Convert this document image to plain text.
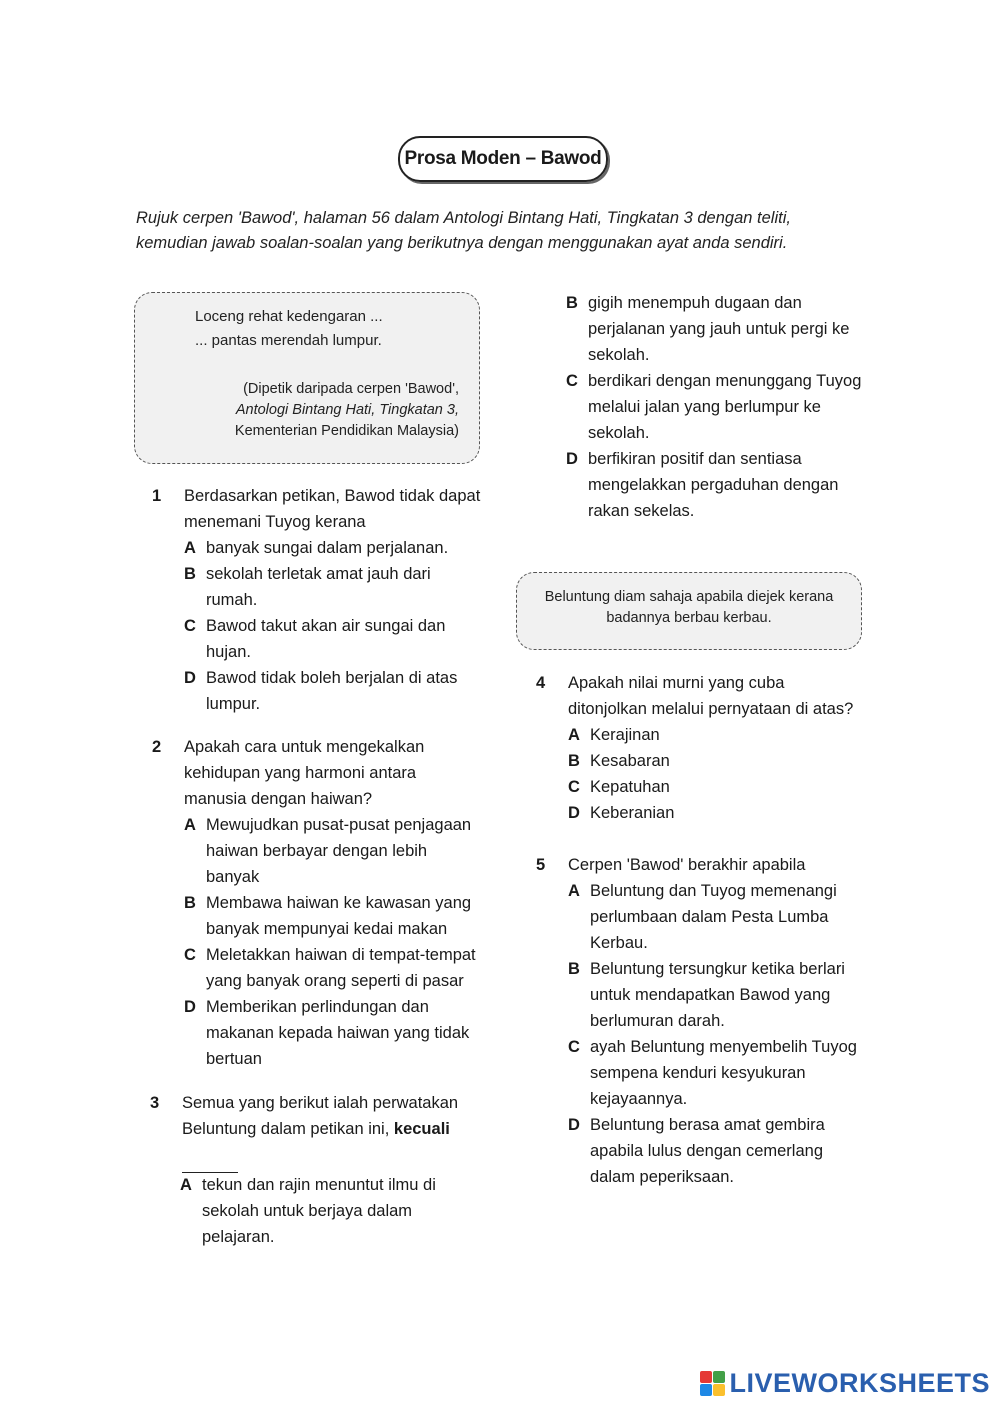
Prosa Moden – Bawod
Rujuk cerpen 'Bawod', halaman 56 dalam Antologi Bintang Hati, Tingkatan 3 dengan teliti, kemudian jawab soalan-soalan yang berikutnya dengan menggunakan ayat anda sendiri.
Loceng rehat kedengaran ...
... pantas merendah lumpur.
(Dipetik daripada cerpen 'Bawod',
Antologi Bintang Hati, Tingkatan 3,
Kementerian Pendidikan Malaysia)
1 Berdasarkan petikan, Bawod tidak dapat menemani Tuyog kerana
A banyak sungai dalam perjalanan.
B sekolah terletak amat jauh dari rumah.
C Bawod takut akan air sungai dan hujan.
D Bawod tidak boleh berjalan di atas lumpur.
2 Apakah cara untuk mengekalkan kehidupan yang harmoni antara manusia dengan haiwan?
A Mewujudkan pusat-pusat penjagaan haiwan berbayar dengan lebih banyak
B Membawa haiwan ke kawasan yang banyak mempunyai kedai makan
C Meletakkan haiwan di tempat-tempat yang banyak orang seperti di pasar
D Memberikan perlindungan dan makanan kepada haiwan yang tidak bertuan
3 Semua yang berikut ialah perwatakan Beluntung dalam petikan ini, kecuali
A tekun dan rajin menuntut ilmu di sekolah untuk berjaya dalam pelajaran.
B gigih menempuh dugaan dan perjalanan yang jauh untuk pergi ke sekolah.
C berdikari dengan menunggang Tuyog melalui jalan yang berlumpur ke sekolah.
D berfikiran positif dan sentiasa mengelakkan pergaduhan dengan rakan sekelas.
Beluntung diam sahaja apabila diejek kerana
badannya berbau kerbau.
4 Apakah nilai murni yang cuba ditonjolkan melalui pernyataan di atas?
A Kerajinan
B Kesabaran
C Kepatuhan
D Keberanian
5 Cerpen 'Bawod' berakhir apabila
A Beluntung dan Tuyog memenangi perlumbaan dalam Pesta Lumba Kerbau.
B Beluntung tersungkur ketika berlari untuk mendapatkan Bawod yang berlumuran darah.
C ayah Beluntung menyembelih Tuyog sempena kenduri kesyukuran kejayaannya.
D Beluntung berasa amat gembira apabila lulus dengan cemerlang dalam peperiksaan.
LIVEWORKSHEETS
